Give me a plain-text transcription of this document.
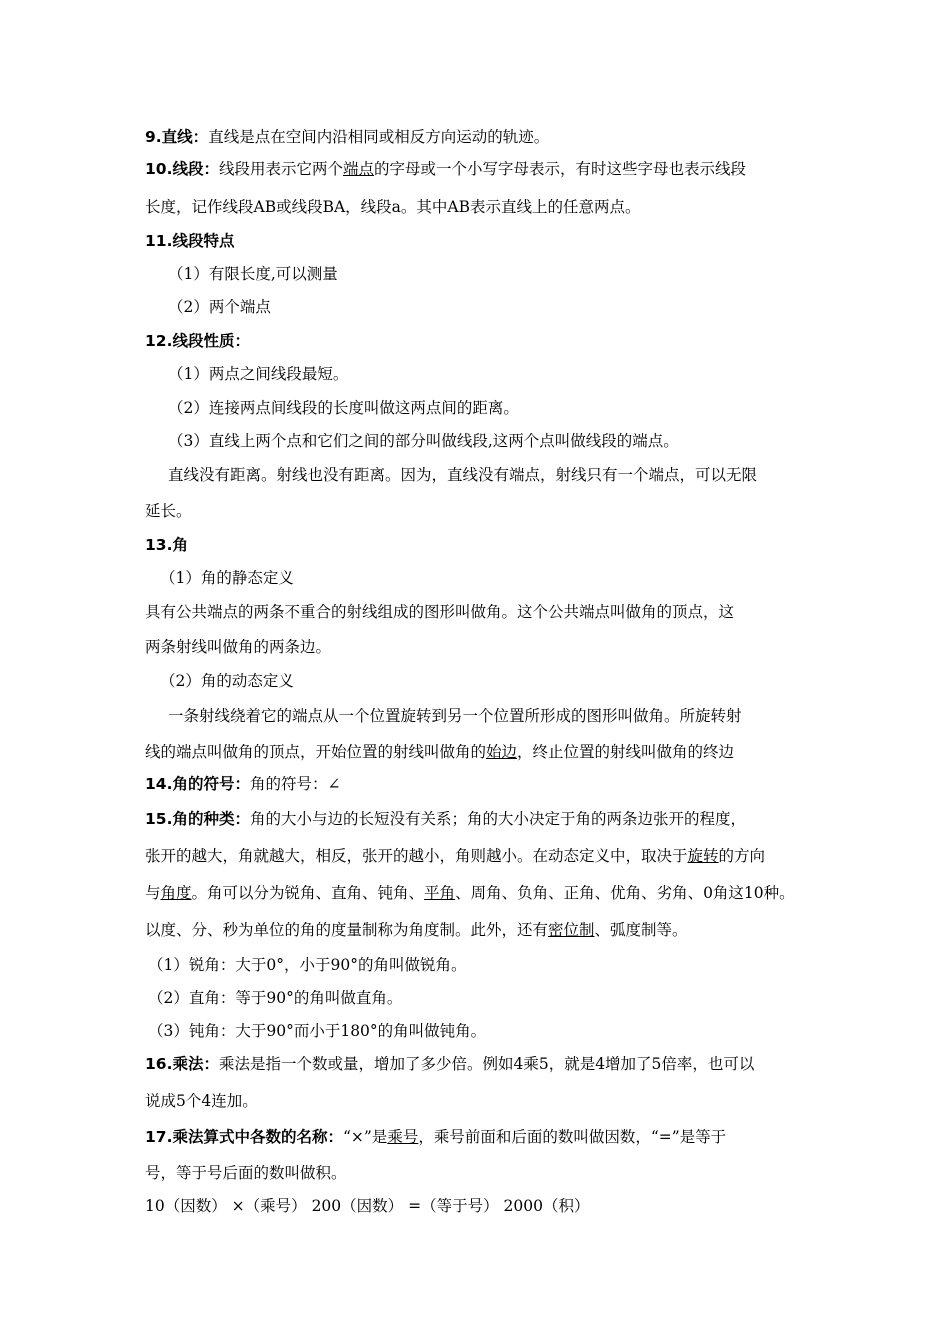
9.直线：直线是点在空间内沿相同或相反方向运动的轨迹。
10.线段：线段用表示它两个端点的字母或一个小写字母表示，有时这些字母也表示线段
长度，记作线段AB或线段BA，线段a。其中AB表示直线上的任意两点。
11.线段特点
（1）有限长度,可以测量
（2）两个端点
12.线段性质：
（1）两点之间线段最短。
（2）连接两点间线段的长度叫做这两点间的距离。
（3）直线上两个点和它们之间的部分叫做线段,这两个点叫做线段的端点。
直线没有距离。射线也没有距离。因为，直线没有端点，射线只有一个端点，可以无限
延长。
13.角
（1）角的静态定义
具有公共端点的两条不重合的射线组成的图形叫做角。这个公共端点叫做角的顶点，这
两条射线叫做角的两条边。
（2）角的动态定义
一条射线绕着它的端点从一个位置旋转到另一个位置所形成的图形叫做角。所旋转射
线的端点叫做角的顶点，开始位置的射线叫做角的始边，终止位置的射线叫做角的终边
14.角的符号：角的符号：∠
15.角的种类：角的大小与边的长短没有关系；角的大小决定于角的两条边张开的程度，
张开的越大，角就越大，相反，张开的越小，角则越小。在动态定义中，取决于旋转的方向
与角度。角可以分为锐角、直角、钝角、平角、周角、负角、正角、优角、劣角、0角这10种。
以度、分、秒为单位的角的度量制称为角度制。此外，还有密位制、弧度制等。
（1）锐角：大于0°，小于90°的角叫做锐角。
（2）直角：等于90°的角叫做直角。
（3）钝角：大于90°而小于180°的角叫做钝角。
16.乘法：乘法是指一个数或量，增加了多少倍。例如4乘5，就是4增加了5倍率，也可以
说成5个4连加。
17.乘法算式中各数的名称：“×”是乘号，乘号前面和后面的数叫做因数，“=”是等于
号，等于号后面的数叫做积。
10（因数） ×（乘号） 200（因数） =（等于号） 2000（积）
